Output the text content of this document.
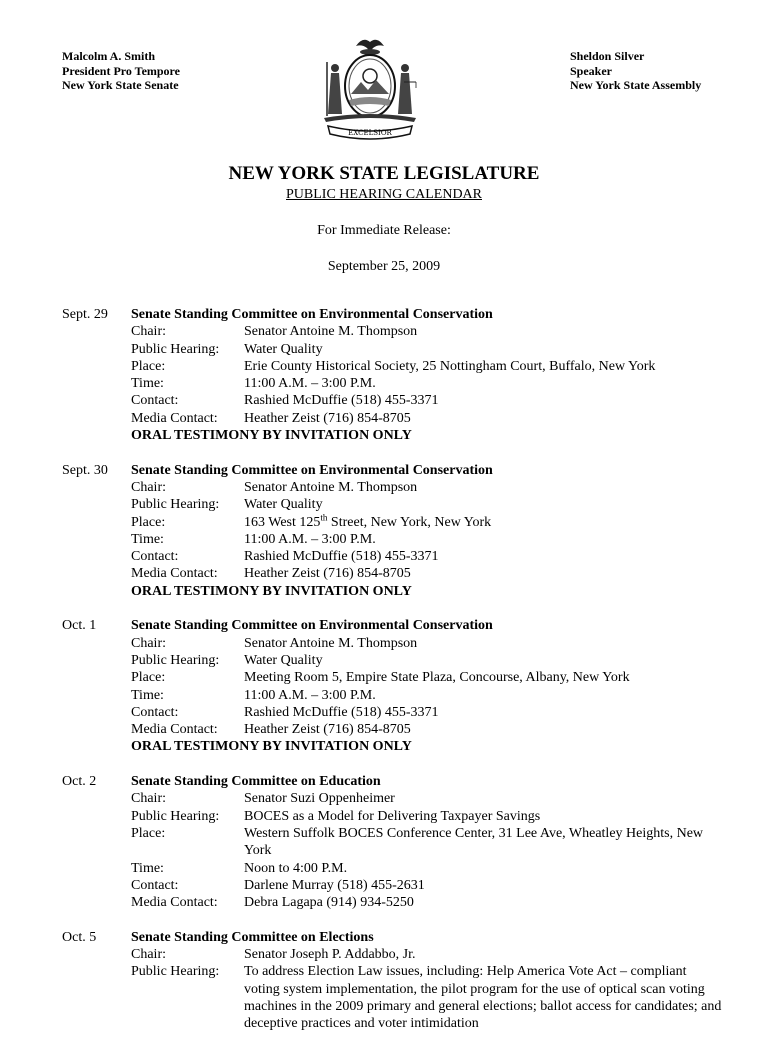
Malcolm A. Smith
President Pro Tempore
New York State Senate
EXCELSIOR
Sheldon Silver
Speaker
New York State Assembly
NEW YORK STATE LEGISLATURE
PUBLIC HEARING CALENDAR
For Immediate Release:
September 25, 2009
Sept. 29 Senate Standing Committee on Environmental Conservation
Chair:	Senator Antoine M. Thompson
Public Hearing:	Water Quality
Place:	Erie County Historical Society, 25 Nottingham Court, Buffalo, New York
Time:	11:00 A.M. – 3:00 P.M.
Contact:	Rashied McDuffie (518) 455-3371
Media Contact:	Heather Zeist (716) 854-8705
ORAL TESTIMONY BY INVITATION ONLY
Sept. 30 Senate Standing Committee on Environmental Conservation
Chair:	Senator Antoine M. Thompson
Public Hearing:	Water Quality
Place:	163 West 125th Street, New York, New York
Time:	11:00 A.M. – 3:00 P.M.
Contact:	Rashied McDuffie (518) 455-3371
Media Contact:	Heather Zeist (716) 854-8705
ORAL TESTIMONY BY INVITATION ONLY
Oct. 1 Senate Standing Committee on Environmental Conservation
Chair:	Senator Antoine M. Thompson
Public Hearing:	Water Quality
Place:	Meeting Room 5, Empire State Plaza, Concourse, Albany, New York
Time:	11:00 A.M. – 3:00 P.M.
Contact:	Rashied McDuffie (518) 455-3371
Media Contact:	Heather Zeist (716) 854-8705
ORAL TESTIMONY BY INVITATION ONLY
Oct. 2 Senate Standing Committee on Education
Chair:	Senator Suzi Oppenheimer
Public Hearing:	BOCES as a Model for Delivering Taxpayer Savings
Place:	Western Suffolk BOCES Conference Center, 31 Lee Ave, Wheatley Heights, New York
Time:	Noon to 4:00 P.M.
Contact:	Darlene Murray (518) 455-2631
Media Contact:	Debra Lagapa (914) 934-5250
Oct. 5 Senate Standing Committee on Elections
Chair:	Senator Joseph P. Addabbo, Jr.
Public Hearing:	To address Election Law issues, including: Help America Vote Act – compliant voting system implementation, the pilot program for the use of optical scan voting machines in the 2009 primary and general elections; ballot access for candidates; and deceptive practices and voter intimidation
